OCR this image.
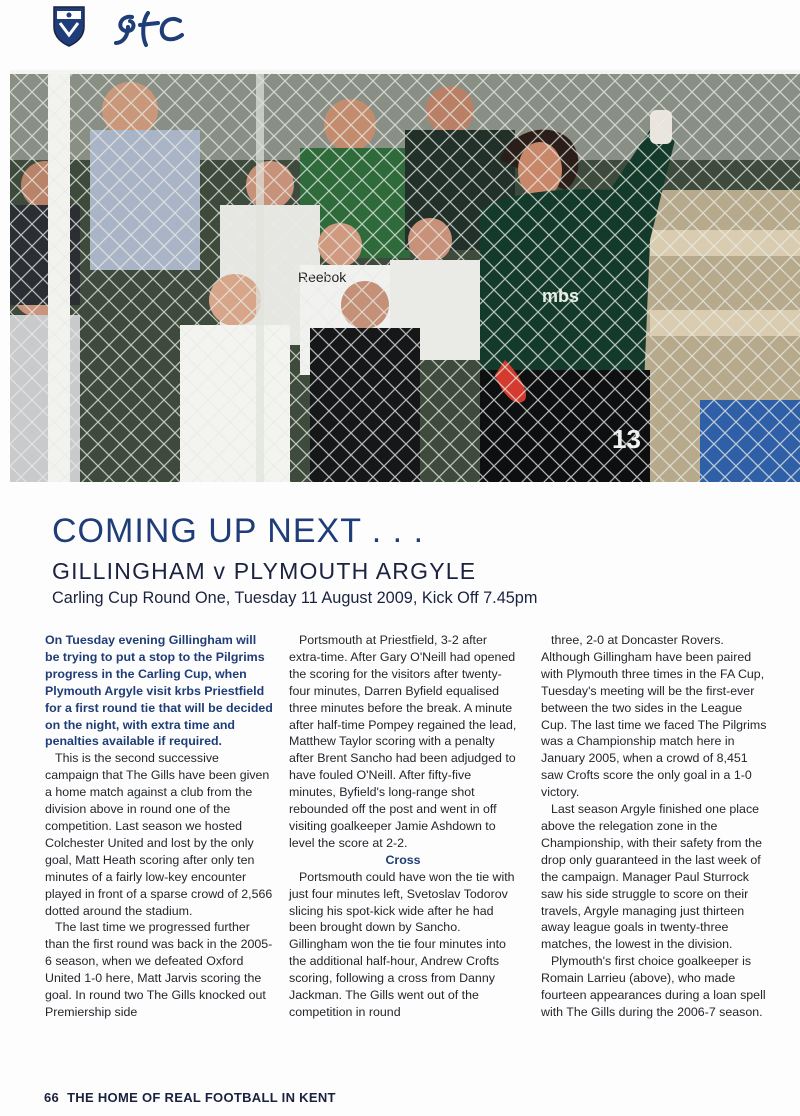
COMING UP NEXT . . .
GILLINGHAM v PLYMOUTH ARGYLE
Carling Cup Round One, Tuesday 11 August 2009, Kick Off 7.45pm

On Tuesday evening Gillingham will be trying to put a stop to the Pilgrims progress in the Carling Cup, when Plymouth Argyle visit krbs Priestfield for a first round tie that will be decided on the night, with extra time and penalties available if required.

This is the second successive campaign that The Gills have been given a home match against a club from the division above in round one of the competition. Last season we hosted Colchester United and lost by the only goal, Matt Heath scoring after only ten minutes of a fairly low-key encounter played in front of a sparse crowd of 2,566 dotted around the stadium.

The last time we progressed further than the first round was back in the 2005-6 season, when we defeated Oxford United 1-0 here, Matt Jarvis scoring the goal. In round two The Gills knocked out Premiership side

Portsmouth at Priestfield, 3-2 after extra-time. After Gary O'Neill had opened the scoring for the visitors after twenty-four minutes, Darren Byfield equalised three minutes before the break. A minute after half-time Pompey regained the lead, Matthew Taylor scoring with a penalty after Brent Sancho had been adjudged to have fouled O'Neill. After fifty-five minutes, Byfield's long-range shot rebounded off the post and went in off visiting goalkeeper Jamie Ashdown to level the score at 2-2.

Cross

Portsmouth could have won the tie with just four minutes left, Svetoslav Todorov slicing his spot-kick wide after he had been brought down by Sancho. Gillingham won the tie four minutes into the additional half-hour, Andrew Crofts scoring, following a cross from Danny Jackman. The Gills went out of the competition in round

three, 2-0 at Doncaster Rovers. Although Gillingham have been paired with Plymouth three times in the FA Cup, Tuesday's meeting will be the first-ever between the two sides in the League Cup. The last time we faced The Pilgrims was a Championship match here in January 2005, when a crowd of 8,451 saw Crofts score the only goal in a 1-0 victory.

Last season Argyle finished one place above the relegation zone in the Championship, with their safety from the drop only guaranteed in the last week of the campaign. Manager Paul Sturrock saw his side struggle to score on their travels, Argyle managing just thirteen away league goals in twenty-three matches, the lowest in the division.

Plymouth's first choice goalkeeper is Romain Larrieu (above), who made fourteen appearances during a loan spell with The Gills during the 2006-7 season.

66 THE HOME OF REAL FOOTBALL IN KENT
